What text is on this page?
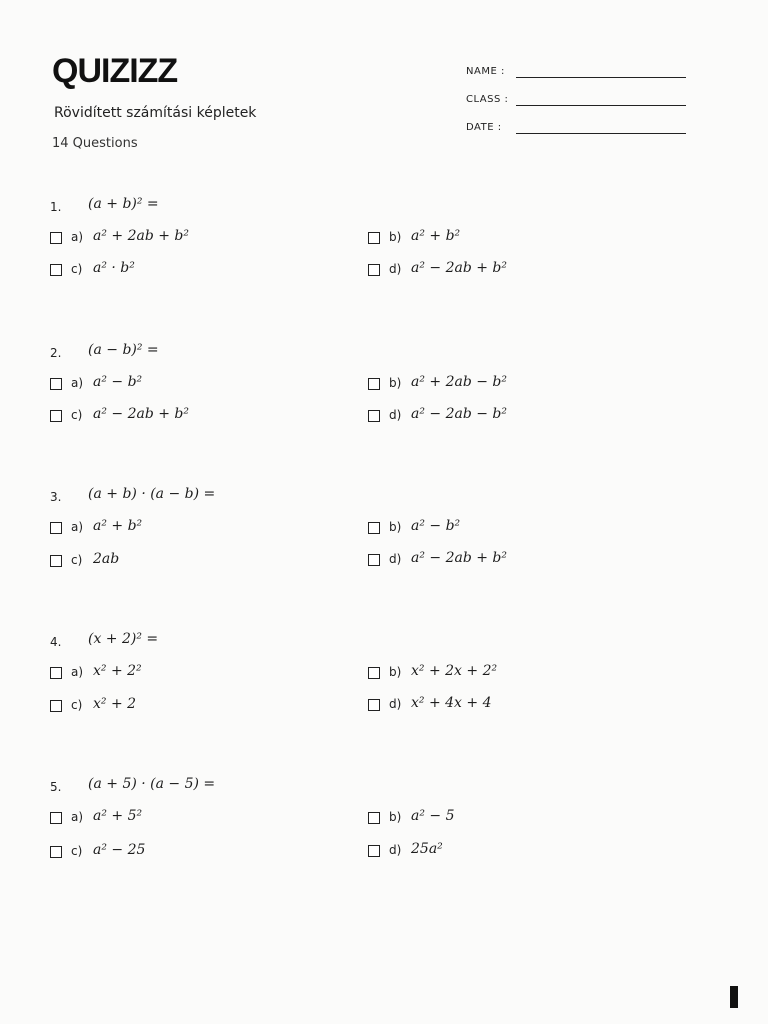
QUIZIZZ
Rövidített számítási képletek
14 Questions
NAME :
CLASS :
DATE :
1. (a + b)² =
a) a² + 2ab + b²	b) a² + b²
c) a² · b²	d) a² − 2ab + b²
2. (a − b)² =
a) a² − b²	b) a² + 2ab − b²
c) a² − 2ab + b²	d) a² − 2ab − b²
3. (a + b) · (a − b) =
a) a² + b²	b) a² − b²
c) 2ab	d) a² − 2ab + b²
4. (x + 2)² =
a) x² + 2²	b) x² + 2x + 2²
c) x² + 2	d) x² + 4x + 4
5. (a + 5) · (a − 5) =
a) a² + 5²	b) a² − 5
c) a² − 25	d) 25a²
